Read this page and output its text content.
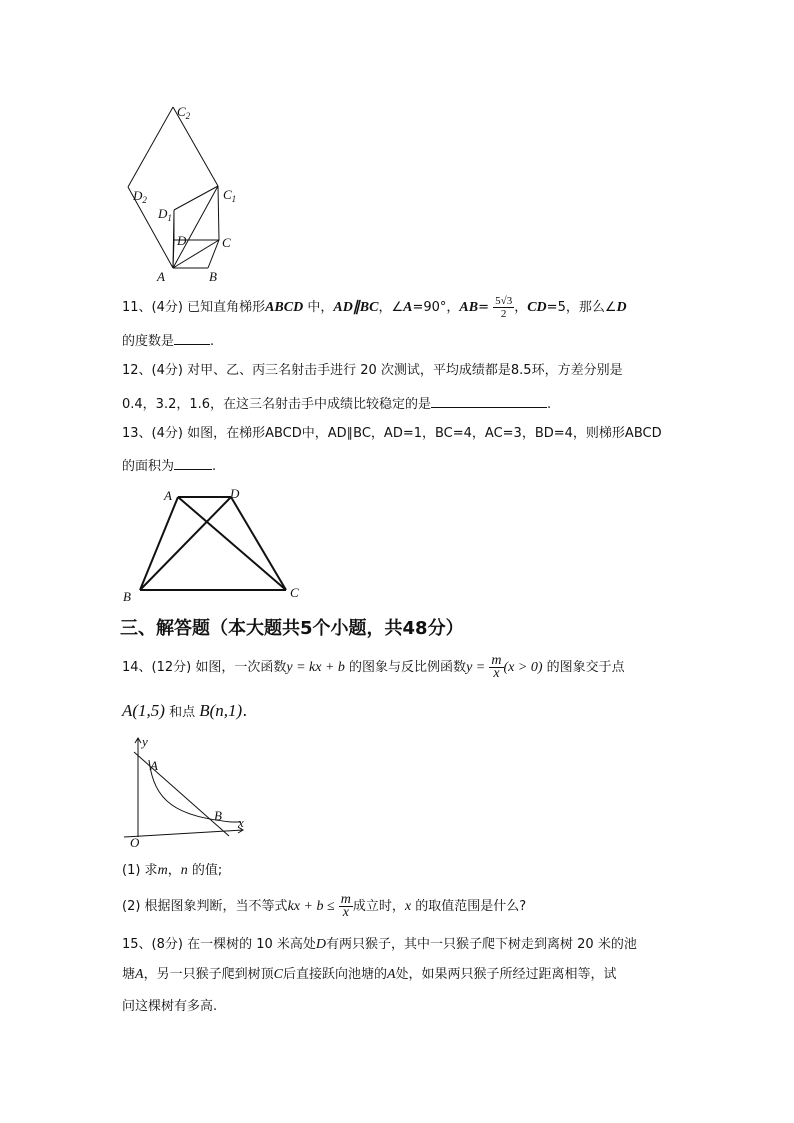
$C_2$
$D_2$	$C_1$
$D_1$
D	C
A	B
11、(4分) 已知直角梯形ABCD 中，AD∥BC，∠A=90°，$AB= \frac{5√3}{2}$ ，CD=5，那么∠D
的度数是	.
12、(4分) 对甲、乙、丙三名射击手进行 20 次测试，平均成绩都是8.5环，方差分别是
0.4，3.2，1.6，在这三名射击手中成绩比较稳定的是	.
13、(4分) 如图，在梯形ABCD中，AD∥BC，AD=1，BC=4，AC=3，BD=4，则梯形ABCD
的面积为	.
A	D
B	C
三、解答题（本大题共5个小题，共48分）
14、(12分) 如图，一次函数y = kx + b 的图象与反比例函数$y = \frac{m}{x} (x > 0)$ 的图象交于点
A(1,5) 和点 B(n,1).
y
x
O
A
B
(1) 求m，n 的值;
(2) 根据图象判断，当不等式kx + $b \le \frac{m}{x}$ 成立时，x 的取值范围是什么?
15、(8分) 在一棵树的 10 米高处D有两只猴子，其中一只猴子爬下树走到离树 20 米的池
塘A，另一只猴子爬到树顶C后直接跃向池塘的A处，如果两只猴子所经过距离相等，试
问这棵树有多高.
